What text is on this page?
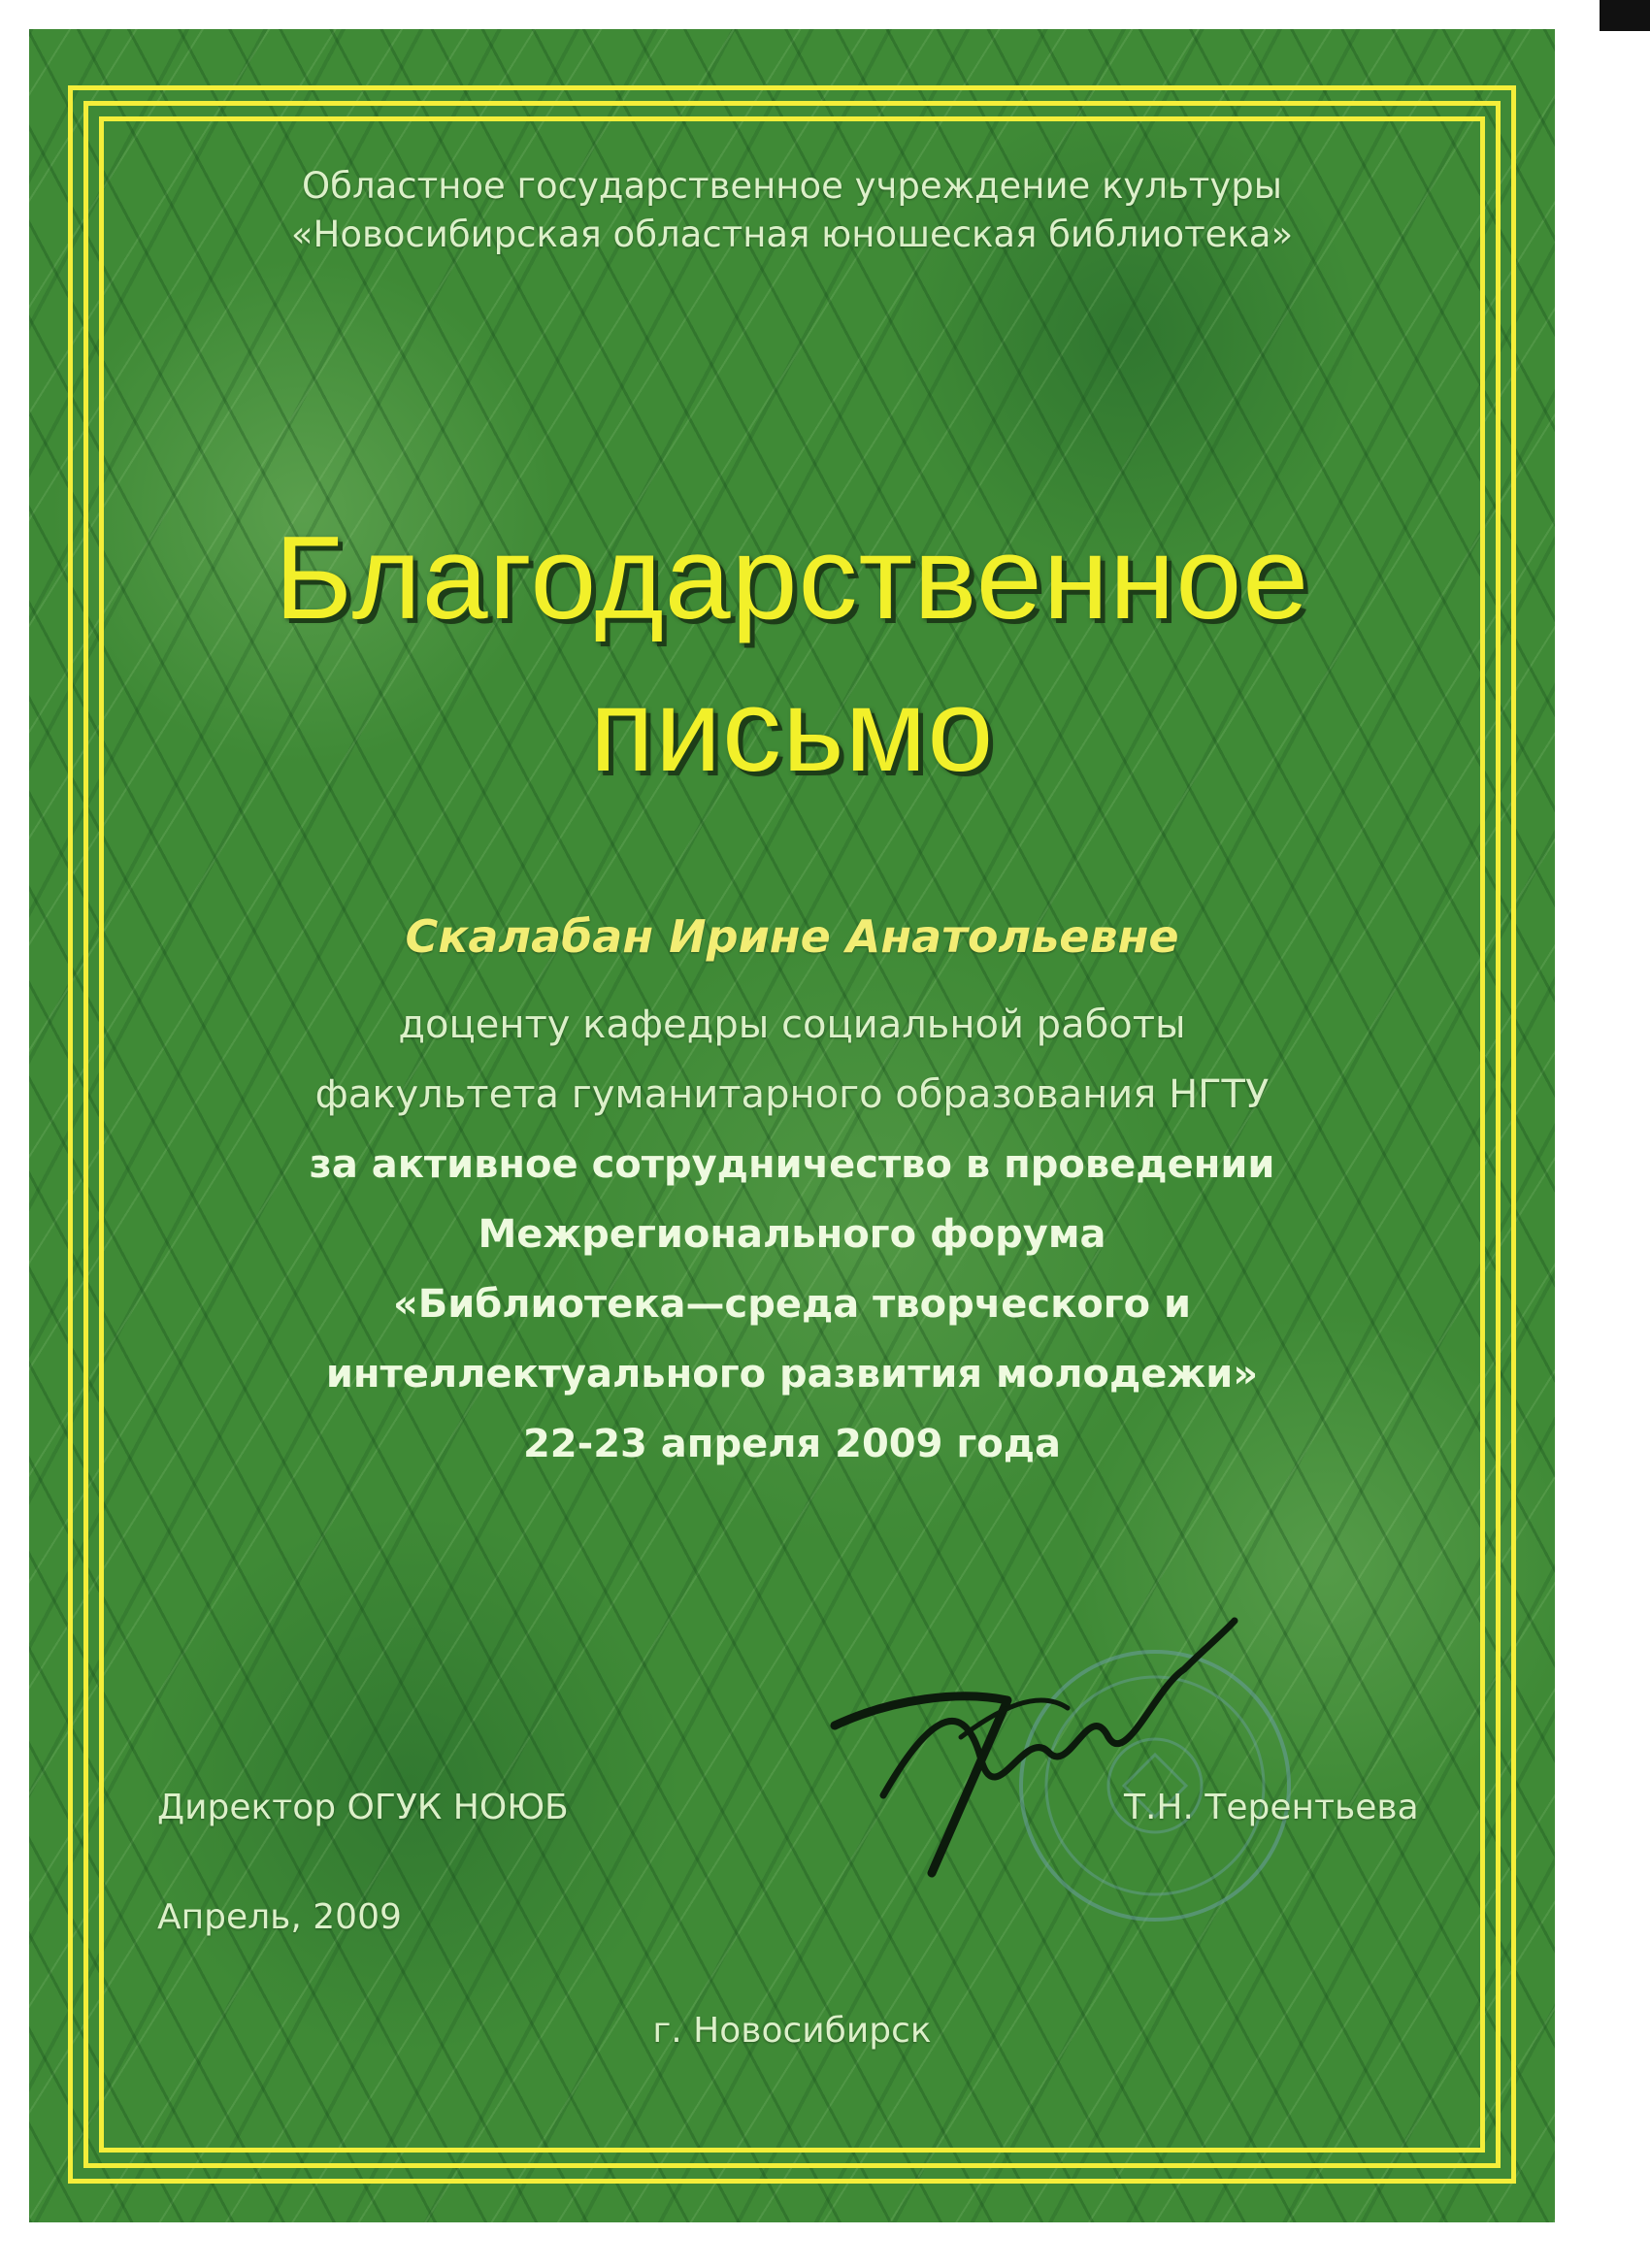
Областное государственное учреждение культуры
«Новосибирская областная юношеская библиотека»
Благодарственное
письмо
Скалабан Ирине Анатольевне
доценту кафедры социальной работы
факультета гуманитарного образования НГТУ
за активное сотрудничество в проведении
Межрегионального форума
«Библиотека—среда творческого и
интеллектуального развития молодежи»
22-23 апреля 2009 года
Директор ОГУК НОЮБ	Т.Н. Терентьева
Апрель, 2009
г. Новосибирск
